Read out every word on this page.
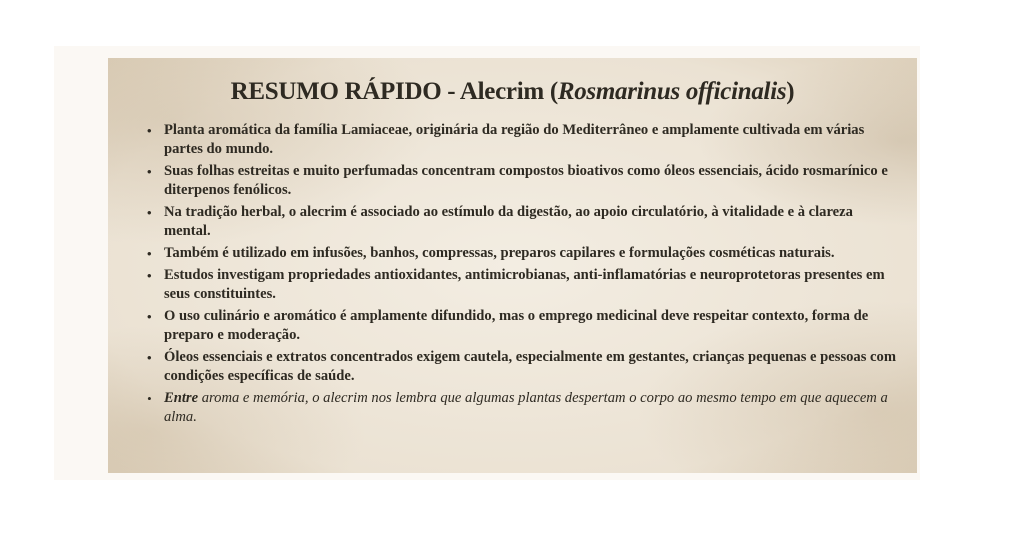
RESUMO RÁPIDO - Alecrim (Rosmarinus officinalis)
• Planta aromática da família Lamiaceae, originária da região do Mediterrâneo e amplamente cultivada em várias partes do mundo.
• Suas folhas estreitas e muito perfumadas concentram compostos bioativos como óleos essenciais, ácido rosmarínico e diterpenos fenólicos.
• Na tradição herbal, o alecrim é associado ao estímulo da digestão, ao apoio circulatório, à vitalidade e à clareza mental.
• Também é utilizado em infusões, banhos, compressas, preparos capilares e formulações cosméticas naturais.
• Estudos investigam propriedades antioxidantes, antimicrobianas, anti-inflamatórias e neuroprotetoras presentes em seus constituintes.
• O uso culinário e aromático é amplamente difundido, mas o emprego medicinal deve respeitar contexto, forma de preparo e moderação.
• Óleos essenciais e extratos concentrados exigem cautela, especialmente em gestantes, crianças pequenas e pessoas com condições específicas de saúde.
• Entre aroma e memória, o alecrim nos lembra que algumas plantas despertam o corpo ao mesmo tempo em que aquecem a alma.
